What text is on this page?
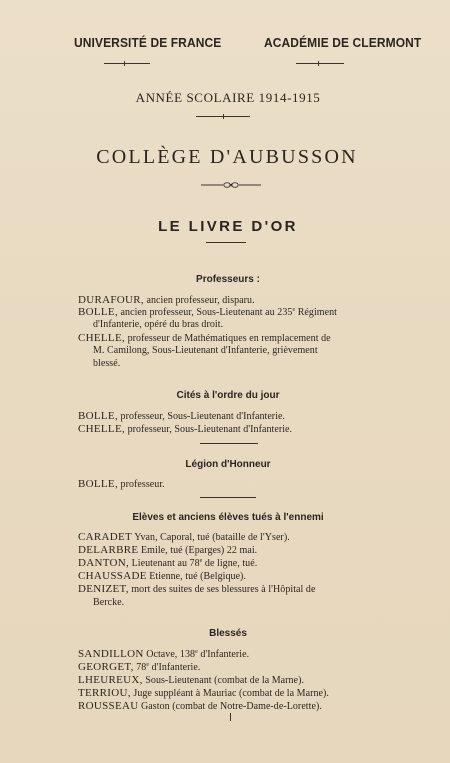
UNIVERSITÉ DE FRANCE	ACADÉMIE DE CLERMONT
ANNÉE SCOLAIRE 1914-1915
COLLÈGE D'AUBUSSON
LE LIVRE D'OR
Professeurs :
DURAFOUR, ancien professeur, disparu.
BOLLE, ancien professeur, Sous-Lieutenant au 235e Régiment
d'Infanterie, opéré du bras droit.
CHELLE, professeur de Mathématiques en remplacement de
M. Camilong, Sous-Lieutenant d'Infanterie, grièvement
blessé.
Cités à l'ordre du jour
BOLLE, professeur, Sous-Lieutenant d'Infanterie.
CHELLE, professeur, Sous-Lieutenant d'Infanterie.
Légion d'Honneur
BOLLE, professeur.
Elèves et anciens élèves tués à l'ennemi
CARADET Yvan, Caporal, tué (bataille de l'Yser).
DELARBRE Emile, tué (Eparges) 22 mai.
DANTON, Lieutenant au 78e de ligne, tué.
CHAUSSADE Etienne, tué (Belgique).
DENIZET, mort des suites de ses blessures à l'Hôpital de
Bercke.
Blessés
SANDILLON Octave, 138e d'Infanterie.
GEORGET, 78e d'Infanterie.
LHEUREUX, Sous-Lieutenant (combat de la Marne).
TERRIOU, Juge suppléant à Mauriac (combat de la Marne).
ROUSSEAU Gaston (combat de Notre-Dame-de-Lorette).
